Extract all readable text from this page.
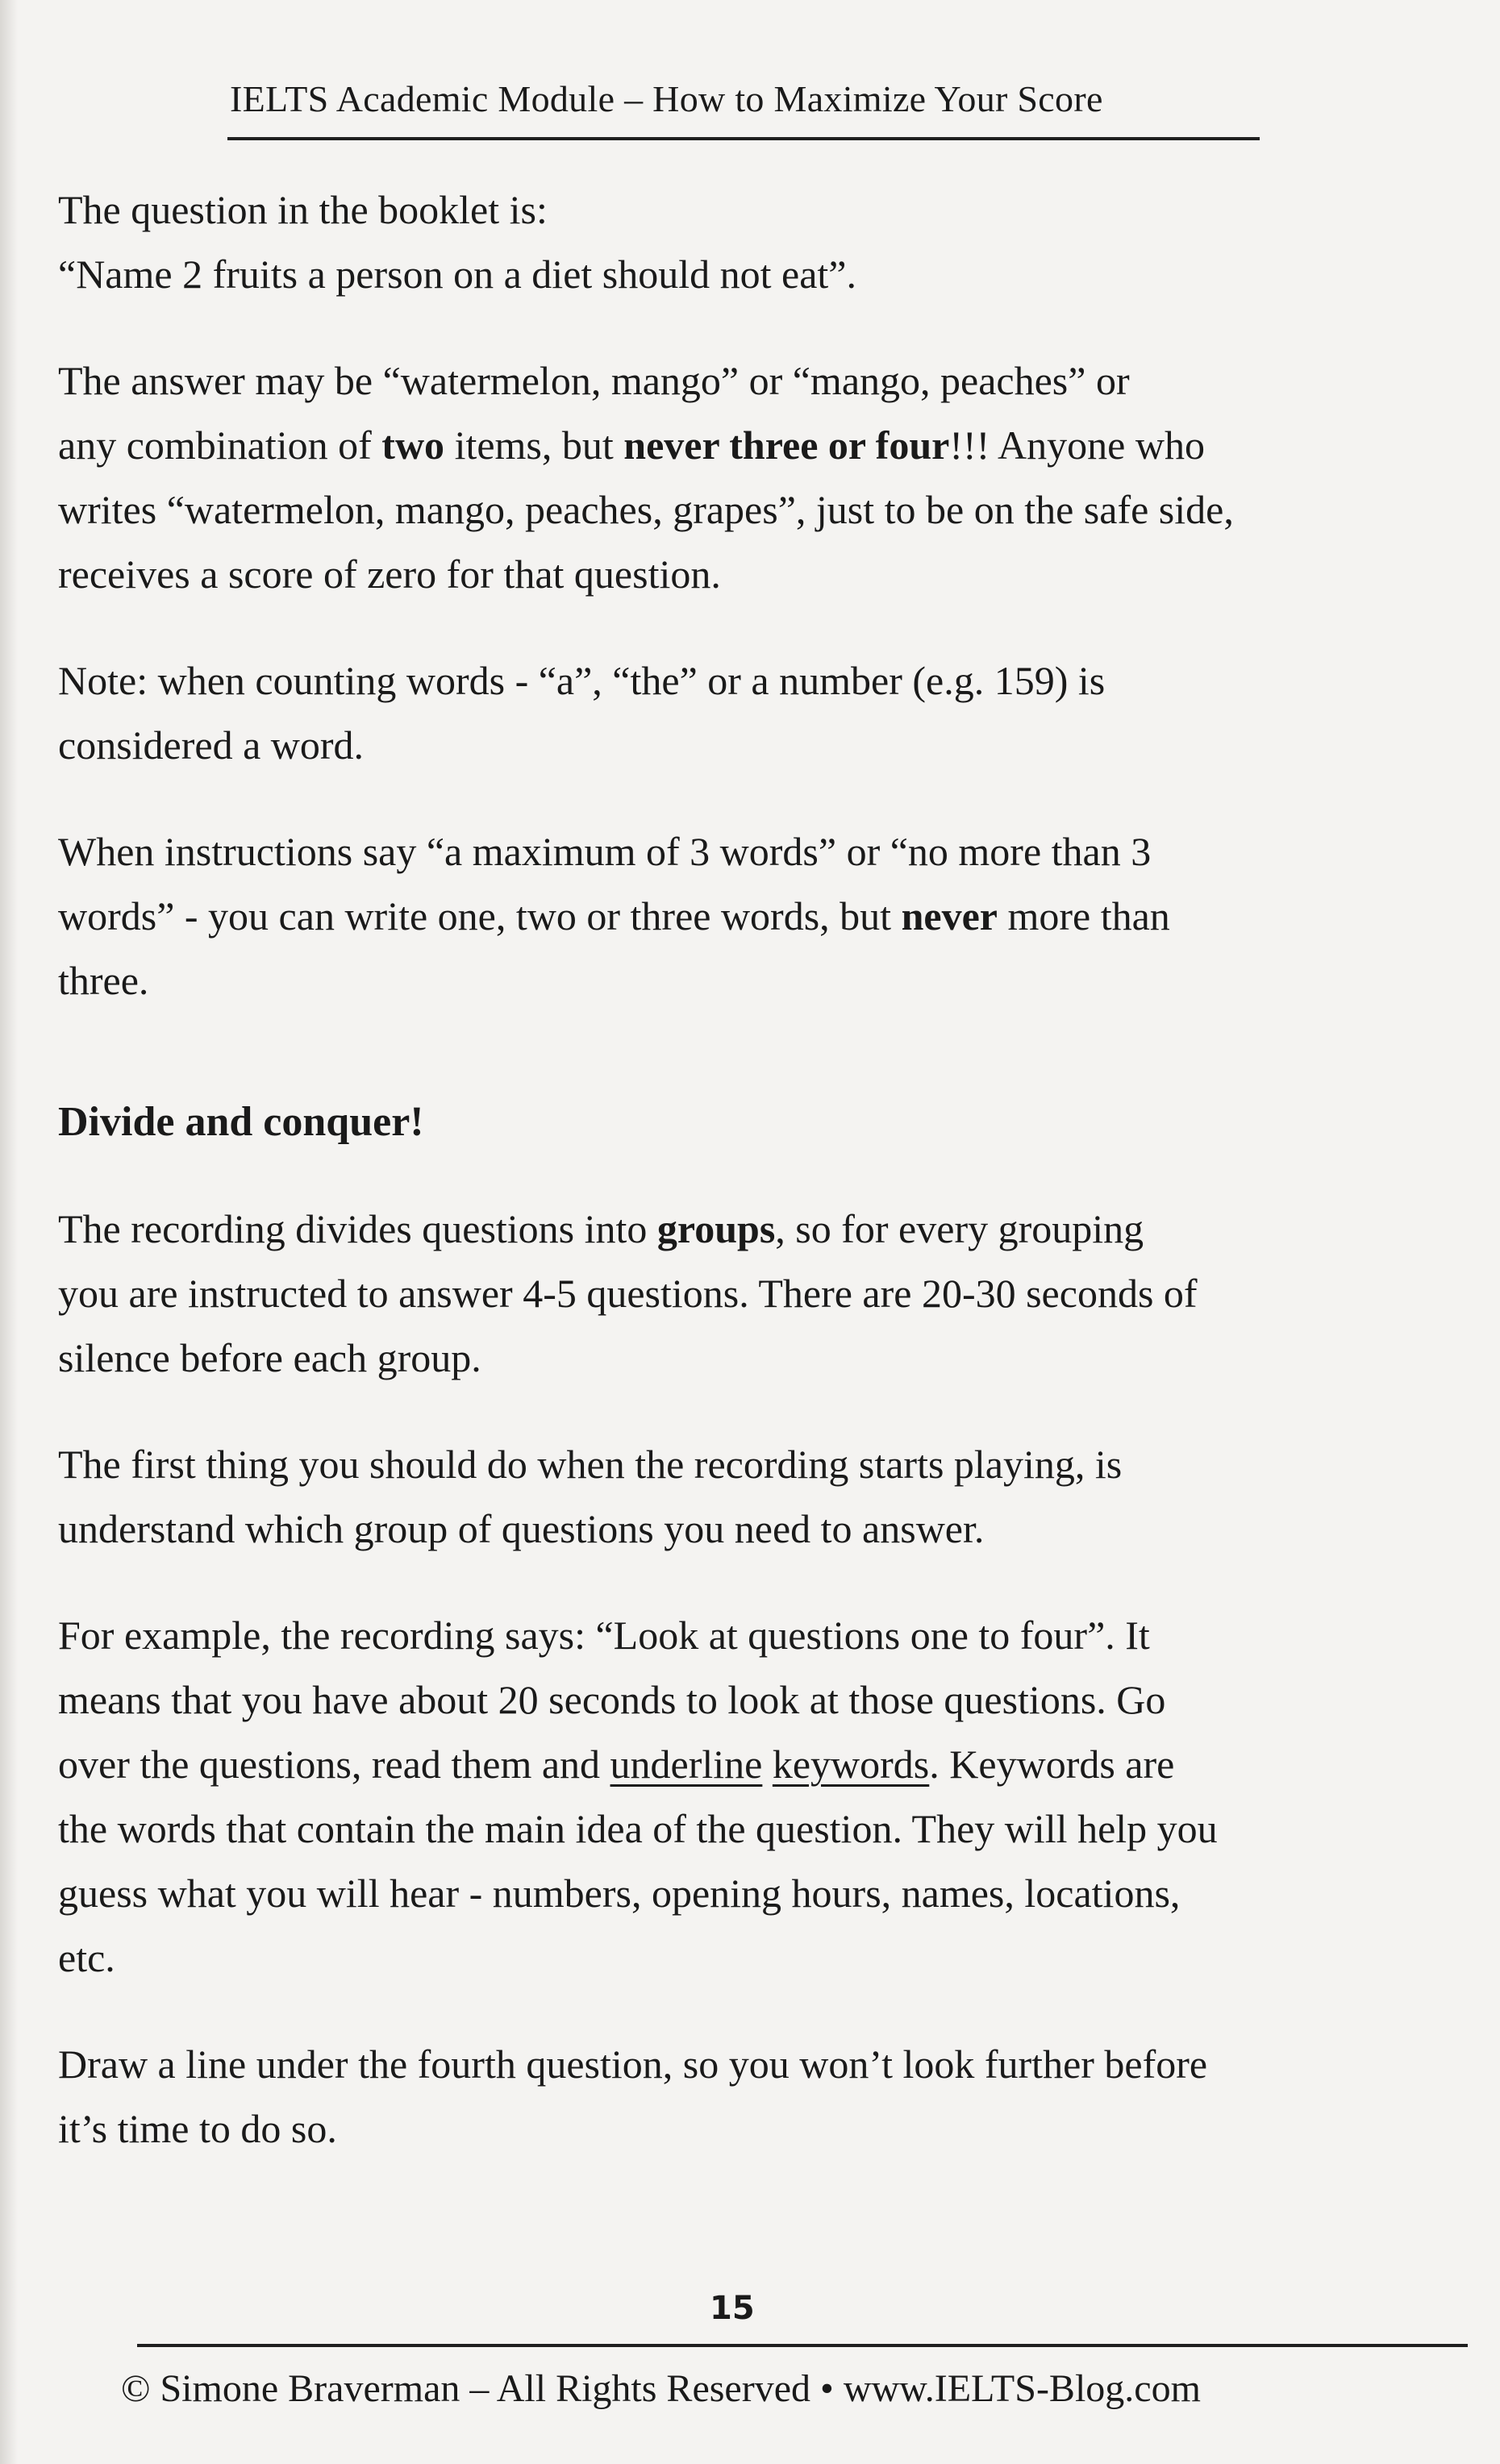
IELTS Academic Module – How to Maximize Your Score

The question in the booklet is:
“Name 2 fruits a person on a diet should not eat”.

The answer may be “watermelon, mango” or “mango, peaches” or
any combination of two items, but never three or four!!! Anyone who
writes “watermelon, mango, peaches, grapes”, just to be on the safe side,
receives a score of zero for that question.

Note: when counting words - “a”, “the” or a number (e.g. 159) is
considered a word.

When instructions say “a maximum of 3 words” or “no more than 3
words” - you can write one, two or three words, but never more than
three.

Divide and conquer!

The recording divides questions into groups, so for every grouping
you are instructed to answer 4-5 questions. There are 20-30 seconds of
silence before each group.

The first thing you should do when the recording starts playing, is
understand which group of questions you need to answer.

For example, the recording says: “Look at questions one to four”. It
means that you have about 20 seconds to look at those questions. Go
over the questions, read them and underline keywords. Keywords are
the words that contain the main idea of the question. They will help you
guess what you will hear - numbers, opening hours, names, locations,
etc.

Draw a line under the fourth question, so you won’t look further before
it’s time to do so.

15
© Simone Braverman – All Rights Reserved • www.IELTS-Blog.com
